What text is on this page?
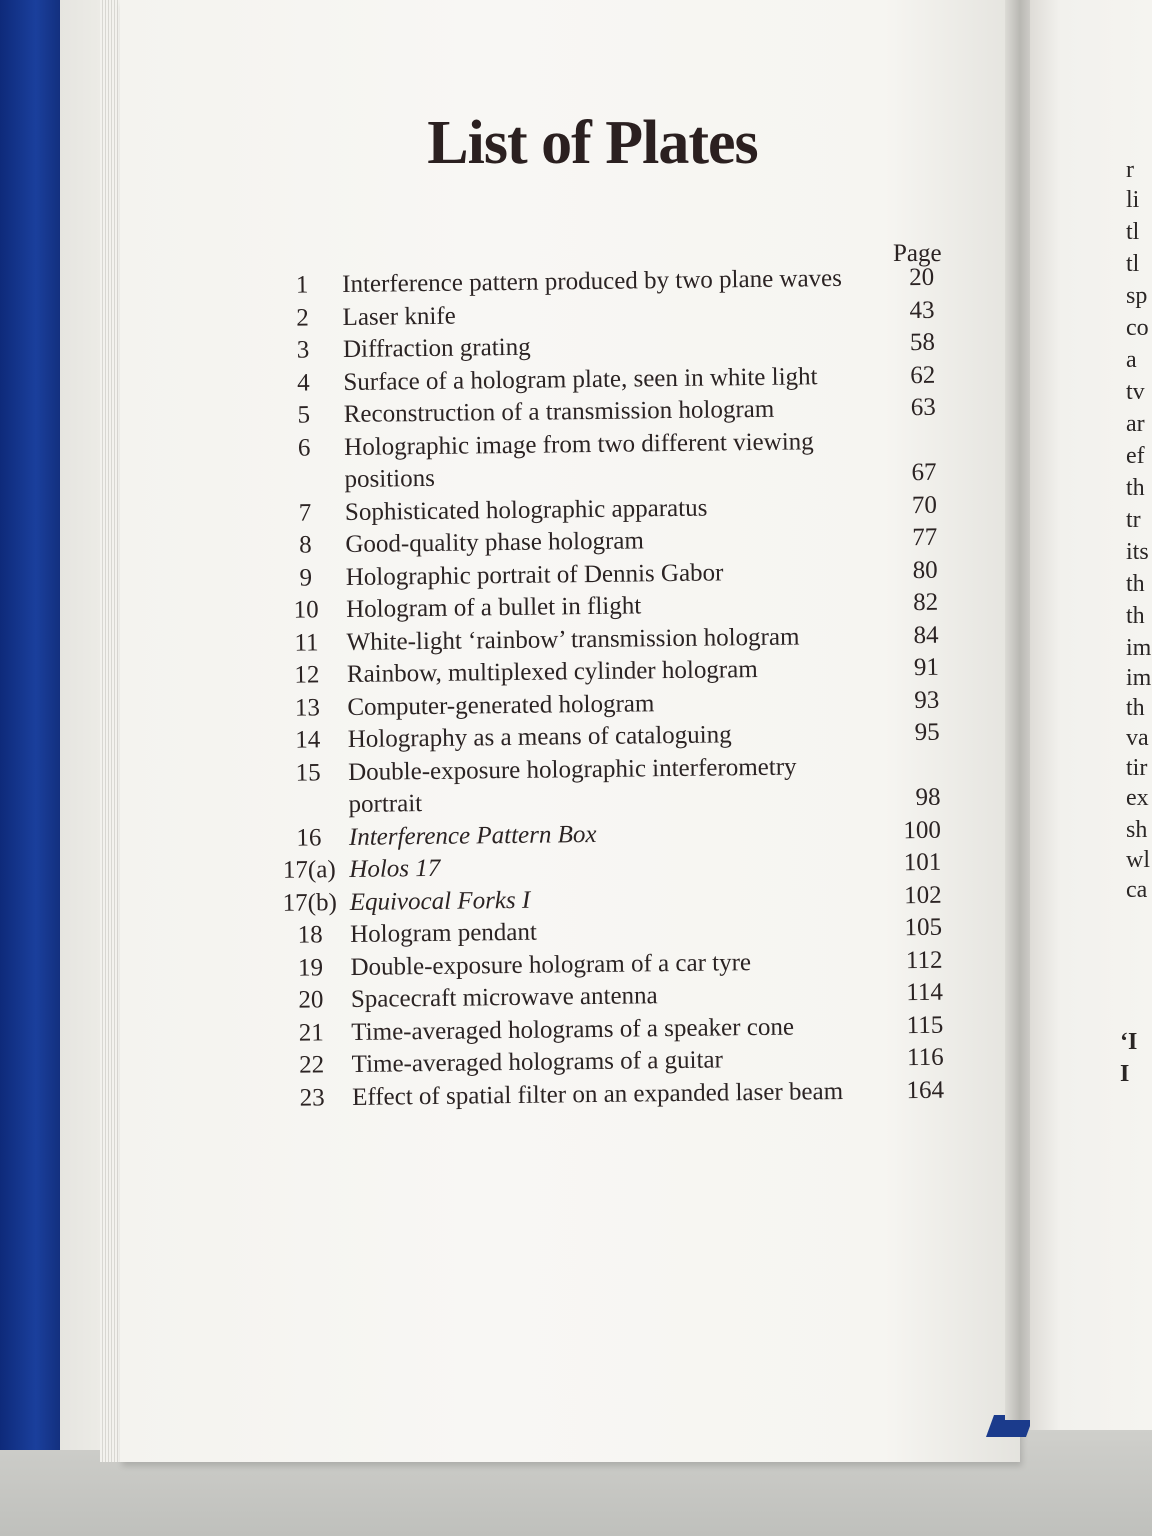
r
li
tl
tl
sp
co
a
tv
ar
ef
th
tr
its
th
th
im
im
th
va
tir
ex
sh
wl
ca
‘I
I
List of Plates
Page
1	Interference pattern produced by two plane waves	20
2	Laser knife	43
3	Diffraction grating	58
4	Surface of a hologram plate, seen in white light	62
5	Reconstruction of a transmission hologram	63
6	Holographic image from two different viewing positions	67
7	Sophisticated holographic apparatus	70
8	Good-quality phase hologram	77
9	Holographic portrait of Dennis Gabor	80
10	Hologram of a bullet in flight	82
11	White-light ‘rainbow’ transmission hologram	84
12	Rainbow, multiplexed cylinder hologram	91
13	Computer-generated hologram	93
14	Holography as a means of cataloguing	95
15	Double-exposure holographic interferometry portrait	98
16	Interference Pattern Box	100
17(a) Holos 17	101
17(b) Equivocal Forks I	102
18	Hologram pendant	105
19	Double-exposure hologram of a car tyre	112
20	Spacecraft microwave antenna	114
21	Time-averaged holograms of a speaker cone	115
22	Time-averaged holograms of a guitar	116
23	Effect of spatial filter on an expanded laser beam	164
